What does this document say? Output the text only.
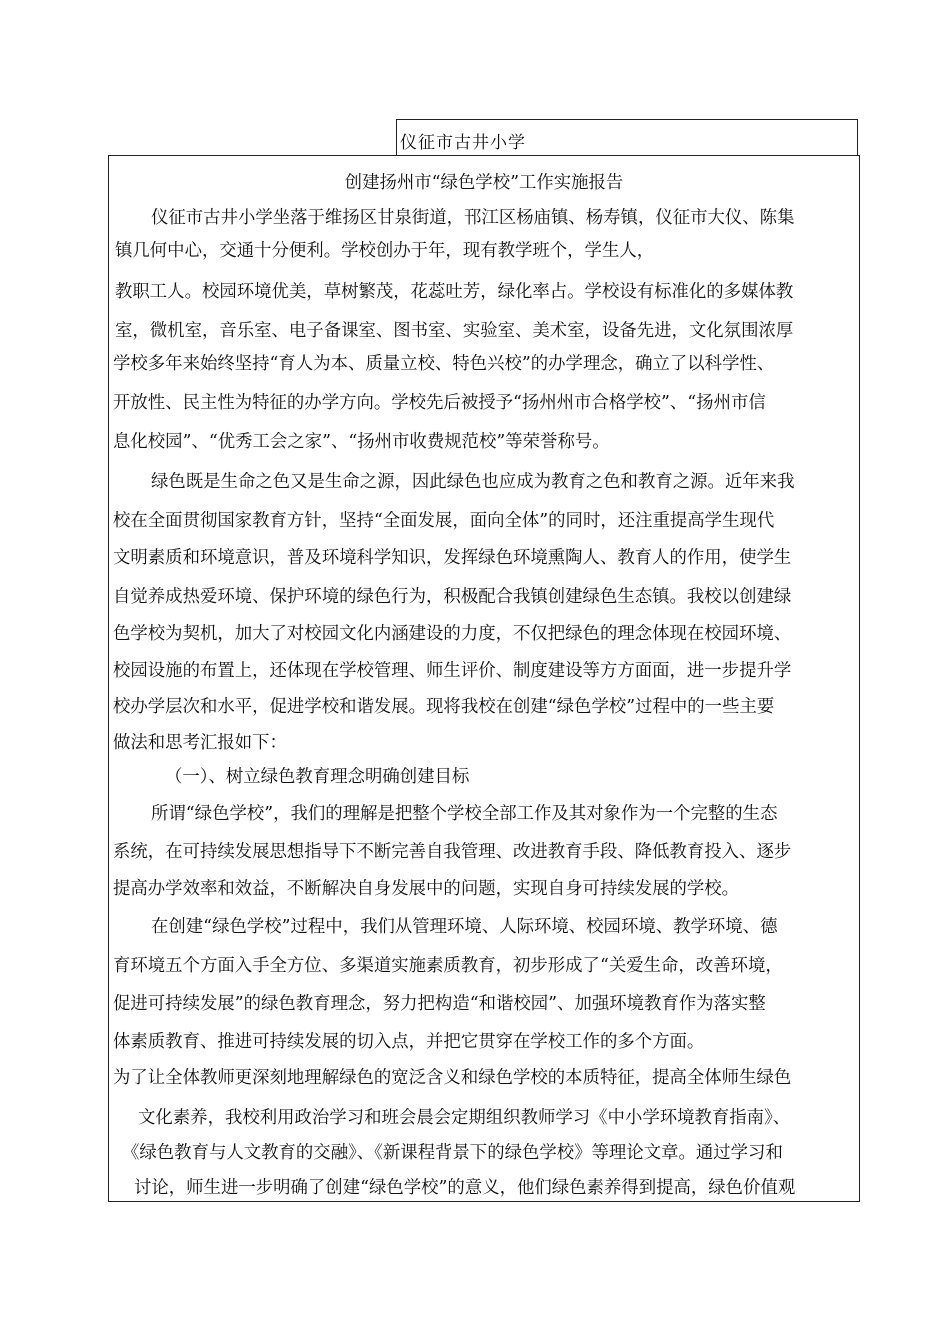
仪征市古井小学
创建扬州市“绿色学校”工作实施报告
仪征市古井小学坐落于维扬区甘泉街道，邗江区杨庙镇、杨寿镇，仪征市大仪、陈集
镇几何中心，交通十分便利。学校创办于年，现有教学班个，学生人，
教职工人。校园环境优美，草树繁茂，花蕊吐芳，绿化率占。学校设有标准化的多媒体教
室，微机室，音乐室、电子备课室、图书室、实验室、美术室，设备先进，文化氛围浓厚
学校多年来始终坚持“育人为本、质量立校、特色兴校”的办学理念，确立了以科学性、
开放性、民主性为特征的办学方向。学校先后被授予“扬州州市合格学校”、“扬州市信
息化校园”、“优秀工会之家”、“扬州市收费规范校”等荣誉称号。
绿色既是生命之色又是生命之源，因此绿色也应成为教育之色和教育之源。近年来我
校在全面贯彻国家教育方针，坚持“全面发展，面向全体”的同时，还注重提高学生现代
文明素质和环境意识，普及环境科学知识，发挥绿色环境熏陶人、教育人的作用，使学生
自觉养成热爱环境、保护环境的绿色行为，积极配合我镇创建绿色生态镇。我校以创建绿
色学校为契机，加大了对校园文化内涵建设的力度，不仅把绿色的理念体现在校园环境、
校园设施的布置上，还体现在学校管理、师生评价、制度建设等方方面面，进一步提升学
校办学层次和水平，促进学校和谐发展。现将我校在创建“绿色学校”过程中的一些主要
做法和思考汇报如下：
（一）、树立绿色教育理念明确创建目标
所谓“绿色学校”，我们的理解是把整个学校全部工作及其对象作为一个完整的生态
系统，在可持续发展思想指导下不断完善自我管理、改进教育手段、降低教育投入、逐步
提高办学效率和效益，不断解决自身发展中的问题，实现自身可持续发展的学校。
在创建“绿色学校”过程中，我们从管理环境、人际环境、校园环境、教学环境、德
育环境五个方面入手全方位、多渠道实施素质教育，初步形成了“关爱生命，改善环境，
促进可持续发展”的绿色教育理念，努力把构造“和谐校园”、加强环境教育作为落实整
体素质教育、推进可持续发展的切入点，并把它贯穿在学校工作的多个方面。
为了让全体教师更深刻地理解绿色的宽泛含义和绿色学校的本质特征，提高全体师生绿色
文化素养，我校利用政治学习和班会晨会定期组织教师学习《中小学环境教育指南》、
《绿色教育与人文教育的交融》、《新课程背景下的绿色学校》等理论文章。通过学习和
讨论，师生进一步明确了创建“绿色学校”的意义，他们绿色素养得到提高，绿色价值观
